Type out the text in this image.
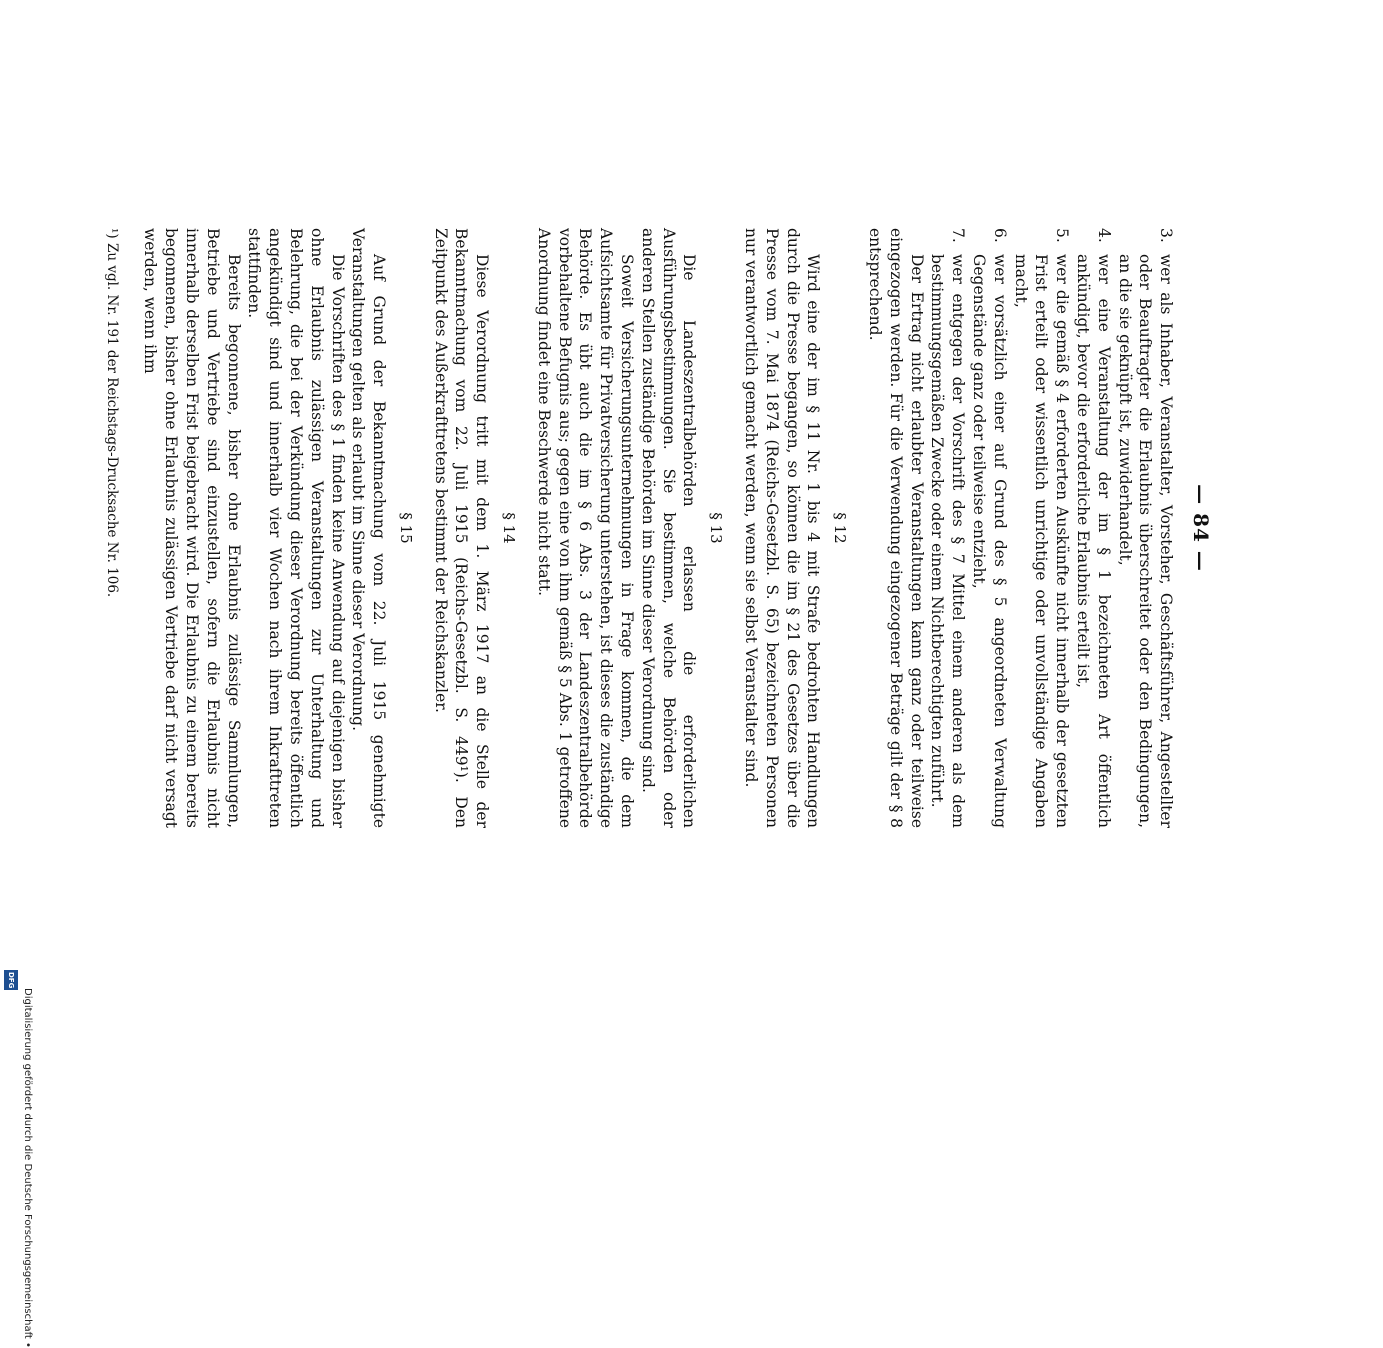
DFG
Digitalisierung gefördert durch die Deutsche Forschungsgemeinschaft •
— 84 —
3.
wer als Inhaber, Veranstalter, Vorsteher, Geschäftsführer, Angestellter oder Beauftragter die Erlaubnis überschreitet oder den Bedingungen, an die sie geknüpft ist, zuwiderhandelt,
4.
wer eine Veranstaltung der im § 1 bezeichneten Art öffentlich ankündigt, bevor die erforderliche Erlaubnis erteilt ist,
5.
wer die gemäß § 4 erforderten Auskünfte nicht innerhalb der gesetzten Frist erteilt oder wissentlich unrichtige oder unvollständige Angaben macht,
6.
wer vorsätzlich einer auf Grund des § 5 angeordneten Verwaltung Gegenstände ganz oder teilweise entzieht,
7.
wer entgegen der Vorschrift des § 7 Mittel einem anderen als dem bestimmungsgemäßen Zwecke oder einem Nichtberechtigten zuführt.

Der Ertrag nicht erlaubter Veranstaltungen kann ganz oder teilweise eingezogen werden. Für die Verwendung eingezogener Beträge gilt der § 8 entsprechend.

§ 12

Wird eine der im § 11 Nr. 1 bis 4 mit Strafe bedrohten Handlungen durch die Presse begangen, so können die im § 21 des Gesetzes über die Presse vom 7. Mai 1874 (Reichs-Gesetzbl. S. 65) bezeichneten Personen nur verantwortlich gemacht werden, wenn sie selbst Veranstalter sind.

§ 13

Die Landeszentralbehörden erlassen die erforderlichen Ausführungsbestimmungen. Sie bestimmen, welche Behörden oder anderen Stellen zuständige Behörden im Sinne dieser Verordnung sind.

Soweit Versicherungsunternehmungen in Frage kommen, die dem Aufsichtsamte für Privatversicherung unterstehen, ist dieses die zuständige Behörde. Es übt auch die im § 6 Abs. 3 der Landeszentralbehörde vorbehaltene Befugnis aus; gegen eine von ihm gemäß § 5 Abs. 1 getroffene Anordnung findet eine Beschwerde nicht statt.

§ 14

Diese Verordnung tritt mit dem 1. März 1917 an die Stelle der Bekanntmachung vom 22. Juli 1915 (Reichs-Gesetzbl. S. 449¹). Den Zeitpunkt des Außerkrafttretens bestimmt der Reichskanzler.

§ 15

Auf Grund der Bekanntmachung vom 22. Juli 1915 genehmigte Veranstaltungen gelten als erlaubt im Sinne dieser Verordnung.

Die Vorschriften des § 1 finden keine Anwendung auf diejenigen bisher ohne Erlaubnis zulässigen Veranstaltungen zur Unterhaltung und Belehrung, die bei der Verkündung dieser Verordnung bereits öffentlich angekündigt sind und innerhalb vier Wochen nach ihrem Inkrafttreten stattfinden.

Bereits begonnene, bisher ohne Erlaubnis zulässige Sammlungen, Betriebe und Vertriebe sind einzustellen, sofern die Erlaubnis nicht innerhalb derselben Frist beigebracht wird. Die Erlaubnis zu einem bereits begonnenen, bisher ohne Erlaubnis zulässigen Vertriebe darf nicht versagt werden, wenn ihm

¹) Zu vgl. Nr. 191 der Reichstags-Drucksache Nr. 106.
